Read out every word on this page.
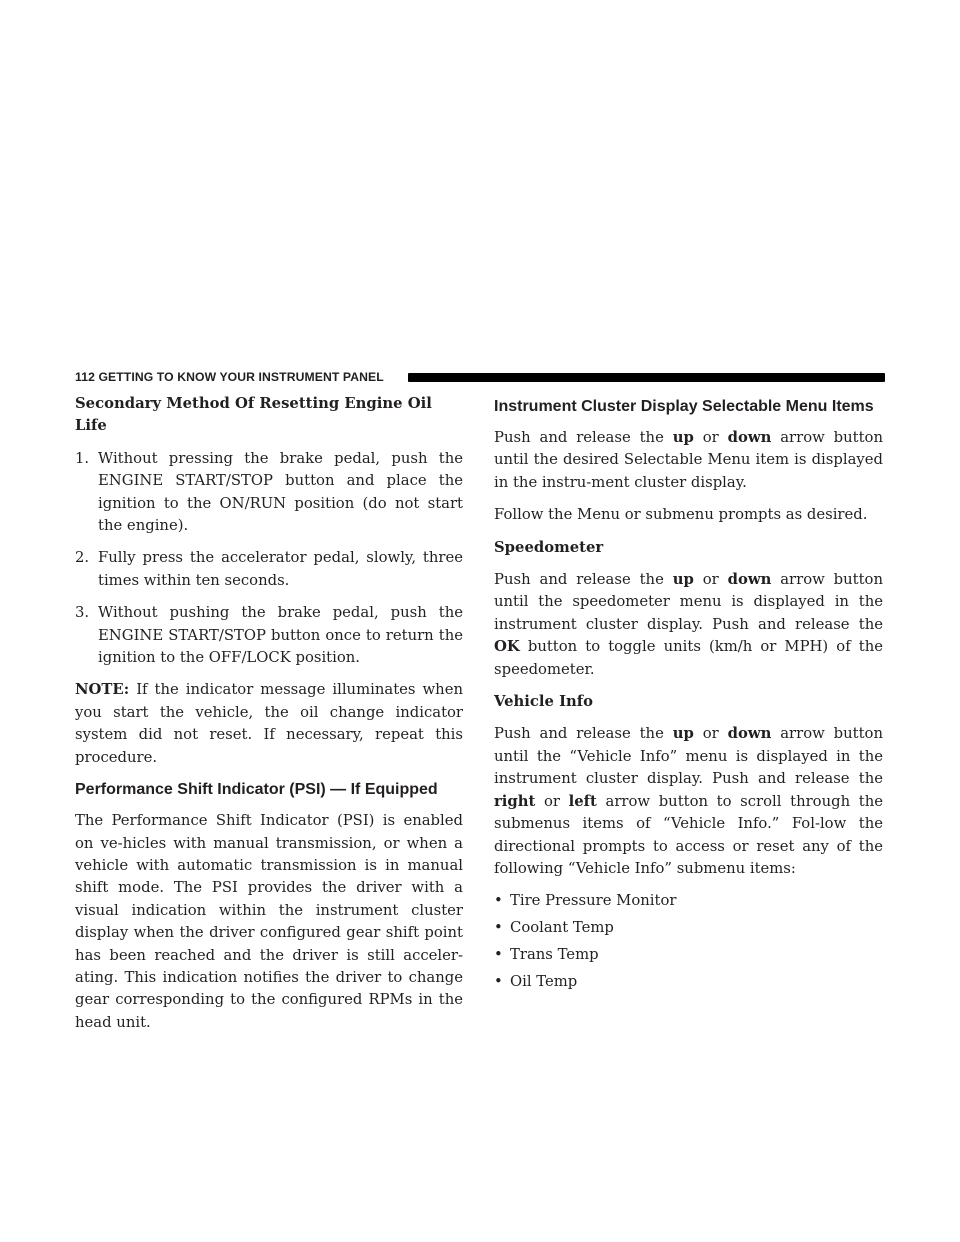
112 GETTING TO KNOW YOUR INSTRUMENT PANEL
Secondary Method Of Resetting Engine Oil Life
1. Without pressing the brake pedal, push the ENGINE START/STOP button and place the ignition to the ON/RUN position (do not start the engine).
2. Fully press the accelerator pedal, slowly, three times within ten seconds.
3. Without pushing the brake pedal, push the ENGINE START/STOP button once to return the ignition to the OFF/LOCK position.

NOTE: If the indicator message illuminates when you start the vehicle, the oil change indicator system did not reset. If necessary, repeat this procedure.

Performance Shift Indicator (PSI) — If Equipped

The Performance Shift Indicator (PSI) is enabled on ve-hicles with manual transmission, or when a vehicle with automatic transmission is in manual shift mode. The PSI provides the driver with a visual indication within the instrument cluster display when the driver configured gear shift point has been reached and the driver is still acceler-ating. This indication notifies the driver to change gear corresponding to the configured RPMs in the head unit.

Instrument Cluster Display Selectable Menu Items

Push and release the up or down arrow button until the desired Selectable Menu item is displayed in the instru-ment cluster display.

Follow the Menu or submenu prompts as desired.

Speedometer

Push and release the up or down arrow button until the speedometer menu is displayed in the instrument cluster display. Push and release the OK button to toggle units (km/h or MPH) of the speedometer.

Vehicle Info

Push and release the up or down arrow button until the “Vehicle Info” menu is displayed in the instrument cluster display. Push and release the right or left arrow button to scroll through the submenus items of “Vehicle Info.” Fol-low the directional prompts to access or reset any of the following “Vehicle Info” submenu items:

• Tire Pressure Monitor
• Coolant Temp
• Trans Temp
• Oil Temp
